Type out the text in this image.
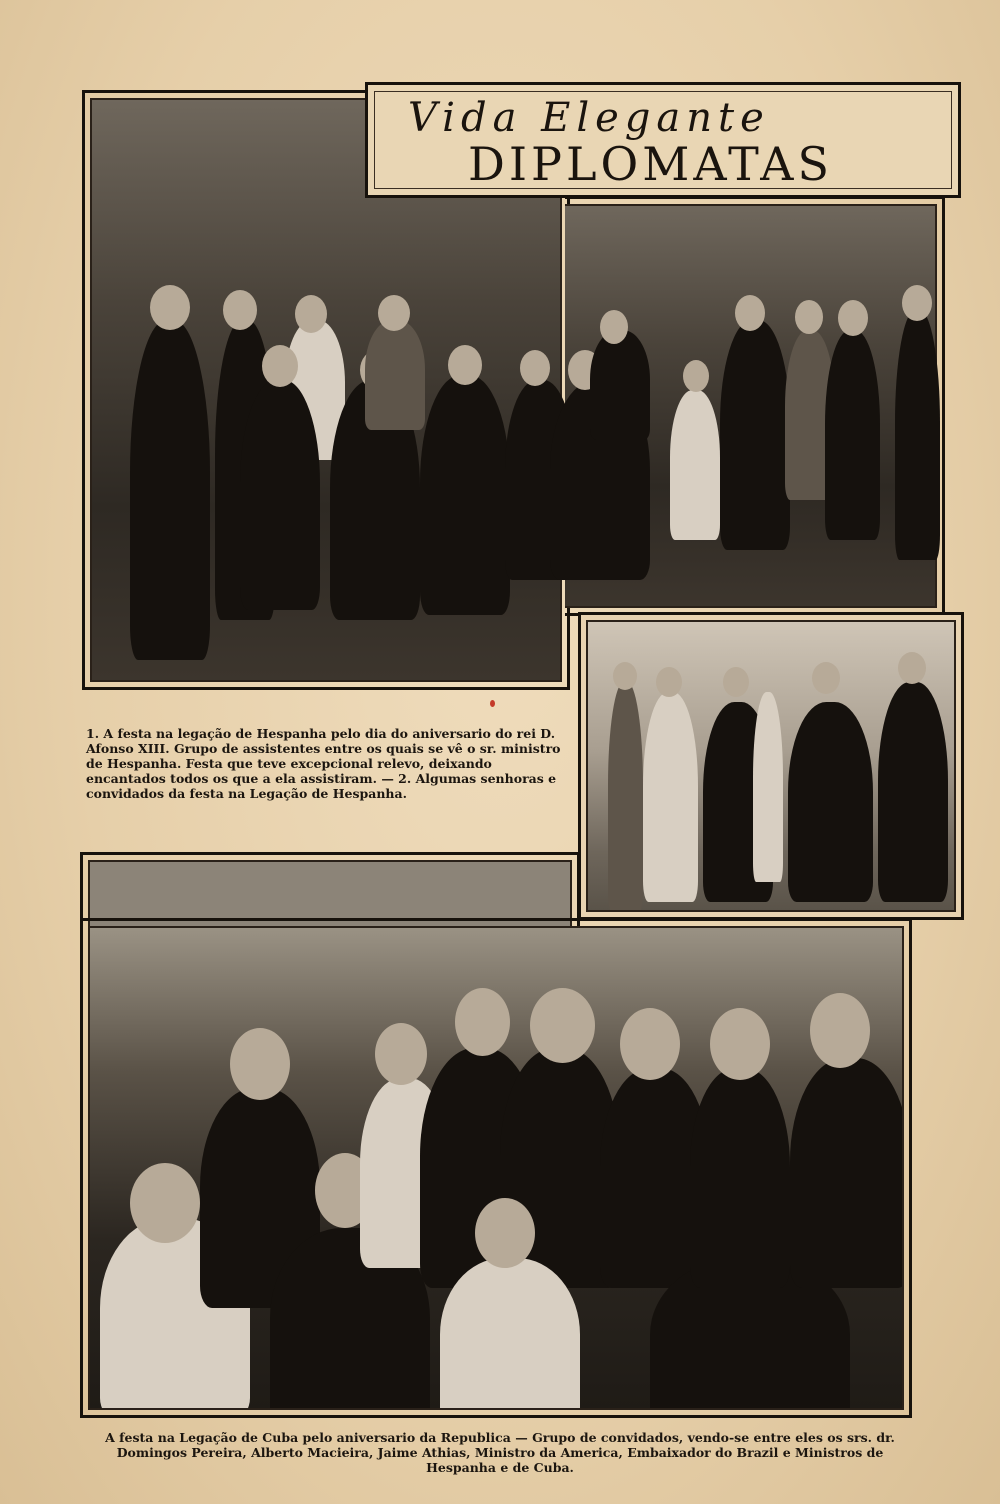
Vida Elegante
DIPLOMATAS
1. A festa na legação de Hespanha pelo dia do aniversario do rei D. Afonso XIII. Grupo de assistentes entre os quais se vê o sr. ministro de Hespanha. Festa que teve excepcional relevo, deixando encantados todos os que a ela assistiram. — 2. Algumas senhoras e convidados da festa na Legação de Hespanha.
A festa na Legação de Cuba pelo aniversario da Republica — Grupo de convidados, vendo-se entre eles os srs. dr. Domingos Pereira, Alberto Macieira, Jaime Athias, Ministro da America, Embaixador do Brazil e Ministros de Hespanha e de Cuba.
